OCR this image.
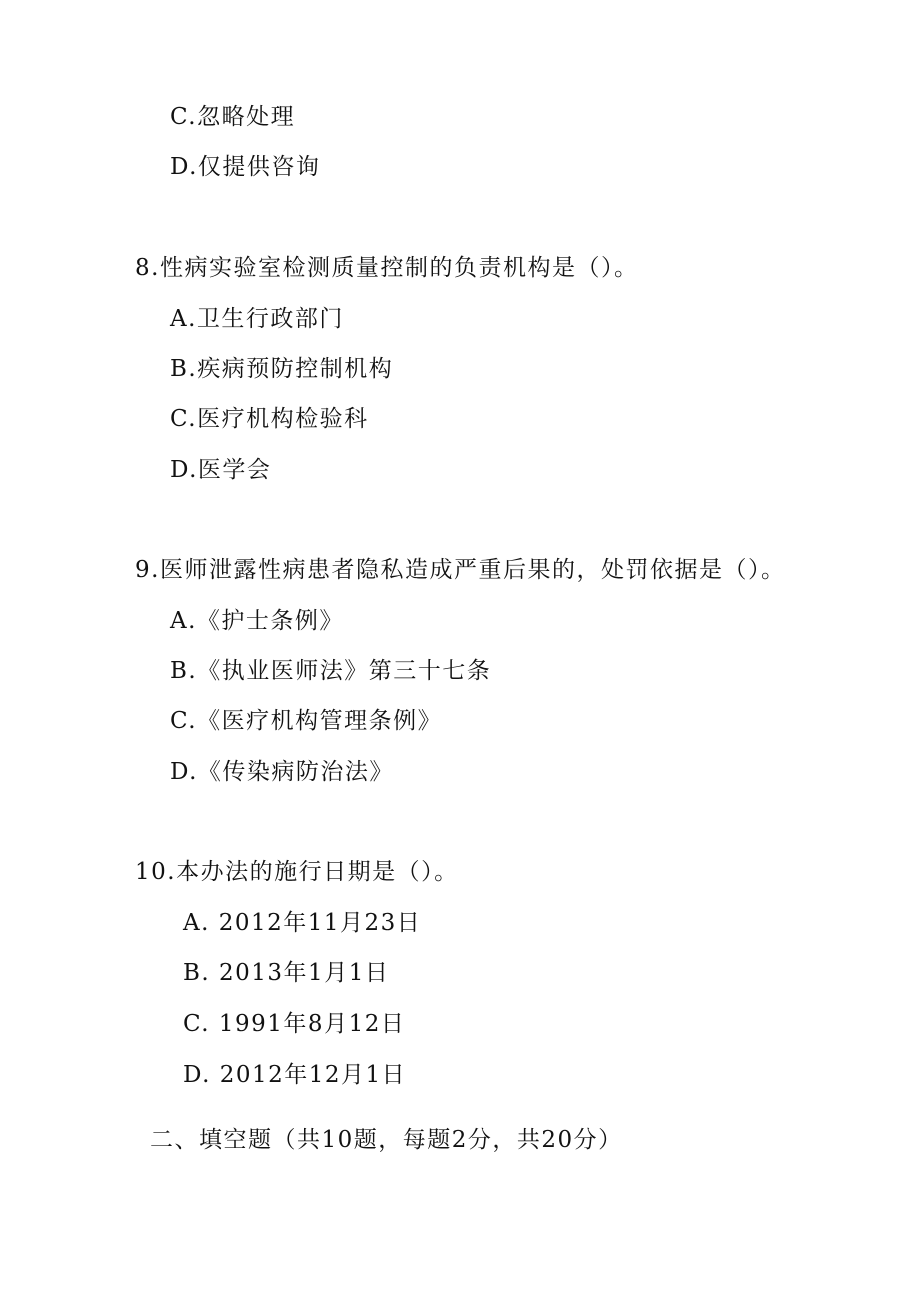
C.忽略处理
D.仅提供咨询
8.性病实验室检测质量控制的负责机构是（）。
A.卫生行政部门
B.疾病预防控制机构
C.医疗机构检验科
D.医学会
9.医师泄露性病患者隐私造成严重后果的，处罚依据是（）。
A.《护士条例》
B.《执业医师法》第三十七条
C.《医疗机构管理条例》
D.《传染病防治法》
10.本办法的施行日期是（）。
A. 2012年11月23日
B. 2013年1月1日
C. 1991年8月12日
D. 2012年12月1日
二、填空题（共10题，每题2分，共20分）
